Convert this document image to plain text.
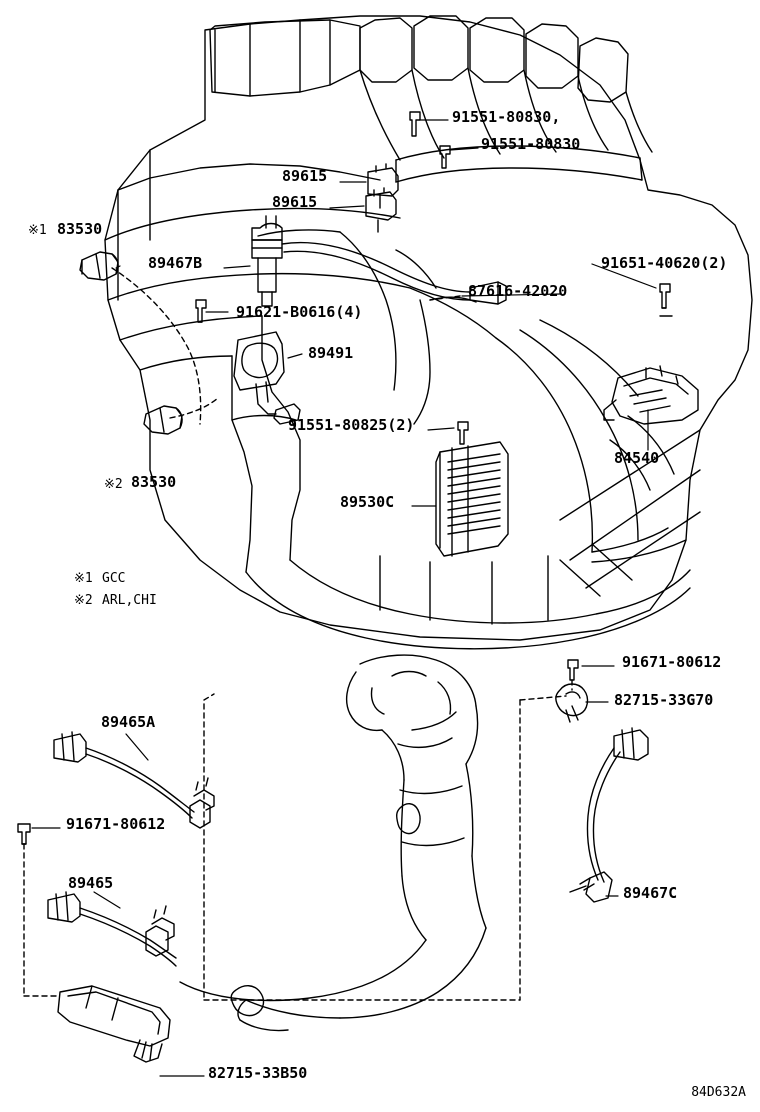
91551-80830,
91551-80830
89615
89615
※1 83530
89467B	91651-40620(2)
87616-42020
91621-B0616(4)
89491
91551-80825(2)
※2 83530
84540
89530C
91671-80612
82715-33G70
89465A
91671-80612
89465
89467C
82715-33B50
※1 GCC
※2 ARL,CHI
84D632A
